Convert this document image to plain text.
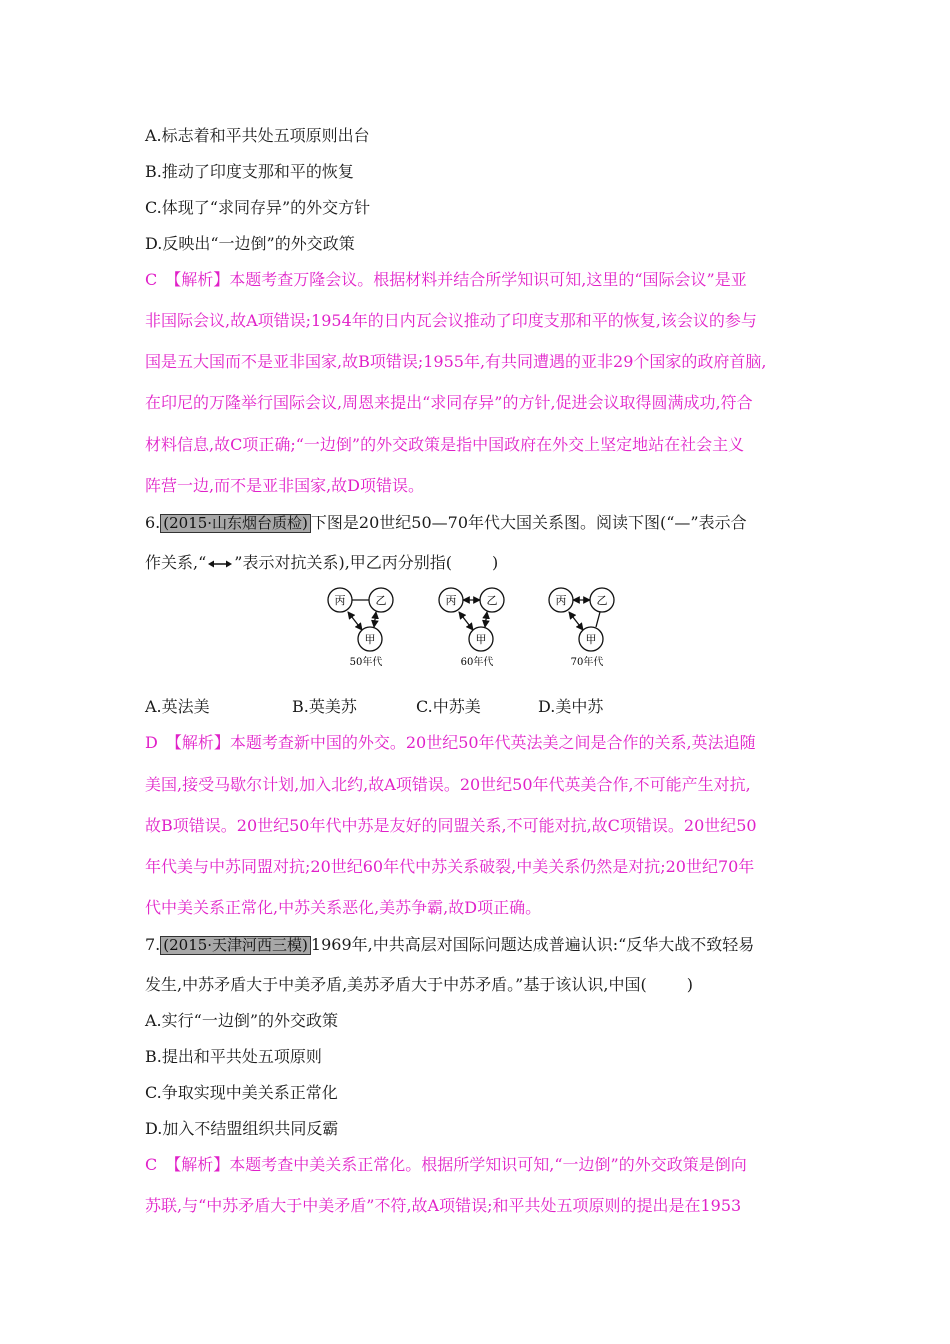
A.标志着和平共处五项原则出台
B.推动了印度支那和平的恢复
C.体现了“求同存异”的外交方针
D.反映出“一边倒”的外交政策
C　【解析】本题考查万隆会议。根据材料并结合所学知识可知,这里的“国际会议”是亚
非国际会议,故A项错误;1954年的日内瓦会议推动了印度支那和平的恢复,该会议的参与
国是五大国而不是亚非国家,故B项错误;1955年,有共同遭遇的亚非29个国家的政府首脑,
在印尼的万隆举行国际会议,周恩来提出“求同存异”的方针,促进会议取得圆满成功,符合
材料信息,故C项正确;“一边倒”的外交政策是指中国政府在外交上坚定地站在社会主义
阵营一边,而不是亚非国家,故D项错误。
6. (2015·山东烟台质检) 下图是20世纪50—70年代大国关系图。阅读下图(“—”表示合
作关系,“ ”表示对抗关系),甲乙丙分别指(	)
丙	乙
甲
50年代
丙	乙
甲
60年代
丙	乙
甲
70年代
A.英法美	B.英美苏	C.中苏美	D.美中苏
D　【解析】本题考查新中国的外交。20世纪50年代英法美之间是合作的关系,英法追随
美国,接受马歇尔计划,加入北约,故A项错误。20世纪50年代英美合作,不可能产生对抗,
故B项错误。20世纪50年代中苏是友好的同盟关系,不可能对抗,故C项错误。20世纪50
年代美与中苏同盟对抗;20世纪60年代中苏关系破裂,中美关系仍然是对抗;20世纪70年
代中美关系正常化,中苏关系恶化,美苏争霸,故D项正确。
7. (2015·天津河西三模) 1969年,中共高层对国际问题达成普遍认识:“反华大战不致轻易
发生,中苏矛盾大于中美矛盾,美苏矛盾大于中苏矛盾。”基于该认识,中国(	)
A.实行“一边倒”的外交政策
B.提出和平共处五项原则
C.争取实现中美关系正常化
D.加入不结盟组织共同反霸
C　【解析】本题考查中美关系正常化。根据所学知识可知,“一边倒”的外交政策是倒向
苏联,与“中苏矛盾大于中美矛盾”不符,故A项错误;和平共处五项原则的提出是在1953
